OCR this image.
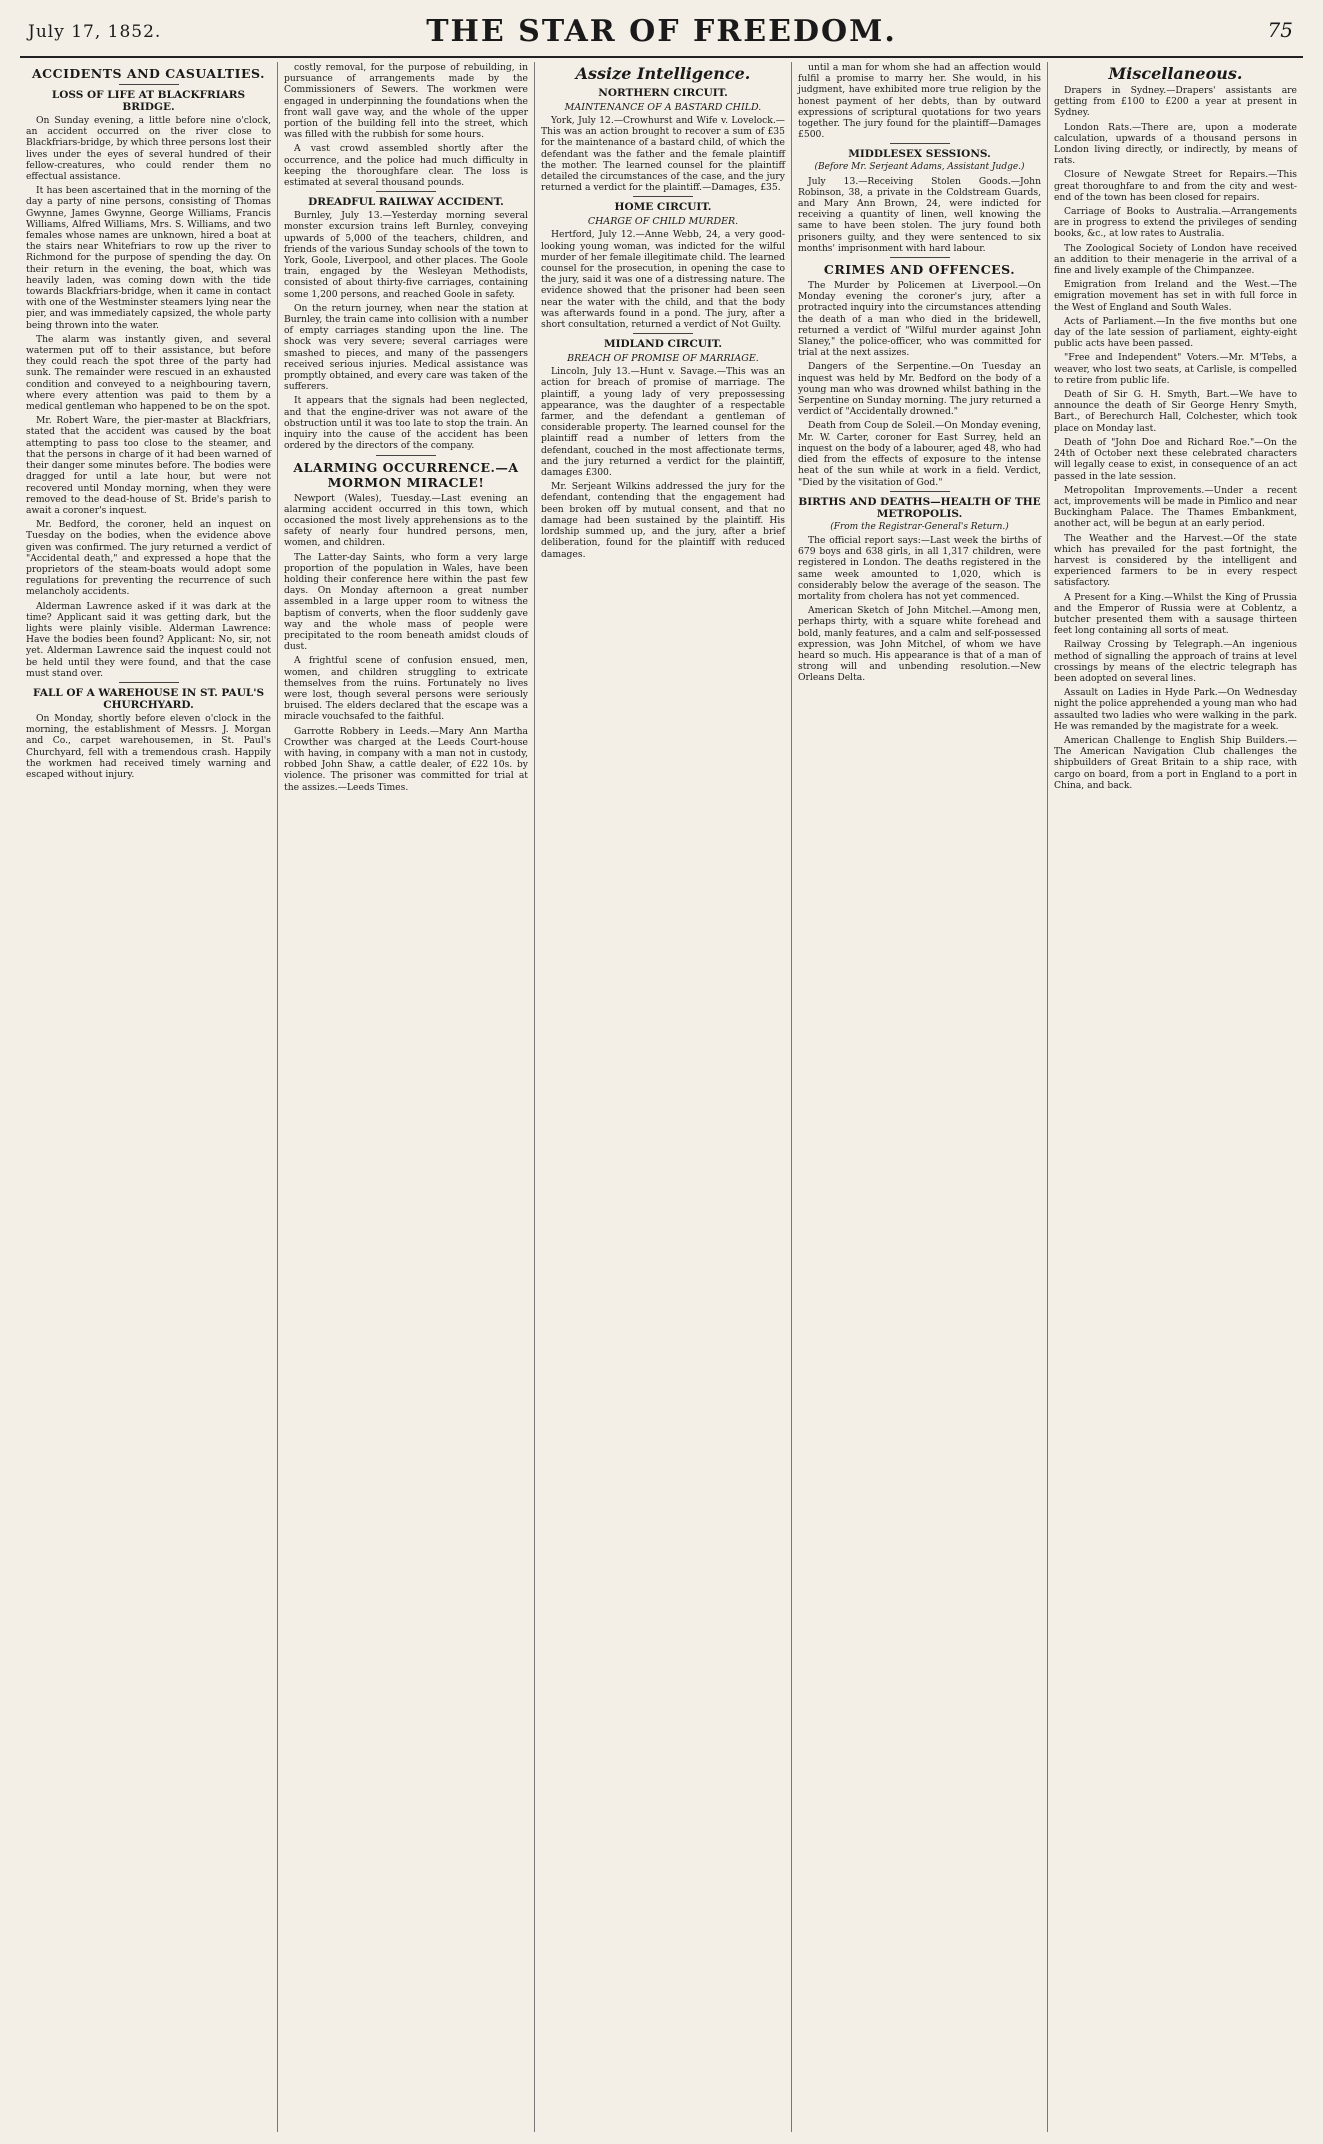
July 17, 1852.	THE STAR OF FREEDOM.	75
ACCIDENTS AND CASUALTIES.
LOSS OF LIFE AT BLACKFRIARS BRIDGE.

On Sunday evening, a little before nine o'clock, an accident occurred on the river close to Blackfriars-bridge, by which three persons lost their lives under the eyes of several hundred of their fellow-creatures, who could render them no effectual assistance.

It has been ascertained that in the morning of the day a party of nine persons, consisting of Thomas Gwynne, James Gwynne, George Williams, Francis Williams, Alfred Williams, Mrs. S. Williams, and two females whose names are unknown, hired a boat at the stairs near Whitefriars to row up the river to Richmond for the purpose of spending the day. On their return in the evening, the boat, which was heavily laden, was coming down with the tide towards Blackfriars-bridge, when it came in contact with one of the Westminster steamers lying near the pier, and was immediately capsized, the whole party being thrown into the water.

The alarm was instantly given, and several watermen put off to their assistance, but before they could reach the spot three of the party had sunk. The remainder were rescued in an exhausted condition and conveyed to a neighbouring tavern, where every attention was paid to them by a medical gentleman who happened to be on the spot.

Mr. Robert Ware, the pier-master at Blackfriars, stated that the accident was caused by the boat attempting to pass too close to the steamer, and that the persons in charge of it had been warned of their danger some minutes before. The bodies were dragged for until a late hour, but were not recovered until Monday morning, when they were removed to the dead-house of St. Bride's parish to await a coroner's inquest.

Mr. Bedford, the coroner, held an inquest on Tuesday on the bodies, when the evidence above given was confirmed. The jury returned a verdict of "Accidental death," and expressed a hope that the proprietors of the steam-boats would adopt some regulations for preventing the recurrence of such melancholy accidents.

Alderman Lawrence asked if it was dark at the time? Applicant said it was getting dark, but the lights were plainly visible. Alderman Lawrence: Have the bodies been found? Applicant: No, sir, not yet. Alderman Lawrence said the inquest could not be held until they were found, and that the case must stand over.

FALL OF A WAREHOUSE IN ST. PAUL'S CHURCHYARD.

On Monday, shortly before eleven o'clock in the morning, the establishment of Messrs. J. Morgan and Co., carpet warehousemen, in St. Paul's Churchyard, fell with a tremendous crash. Happily the workmen had received timely warning and escaped without injury.

costly removal, for the purpose of rebuilding, in pursuance of arrangements made by the Commissioners of Sewers. The workmen were engaged in underpinning the foundations when the front wall gave way, and the whole of the upper portion of the building fell into the street, which was filled with the rubbish for some hours.

A vast crowd assembled shortly after the occurrence, and the police had much difficulty in keeping the thoroughfare clear. The loss is estimated at several thousand pounds.

DREADFUL RAILWAY ACCIDENT.

Burnley, July 13.—Yesterday morning several monster excursion trains left Burnley, conveying upwards of 5,000 of the teachers, children, and friends of the various Sunday schools of the town to York, Goole, Liverpool, and other places. The Goole train, engaged by the Wesleyan Methodists, consisted of about thirty-five carriages, containing some 1,200 persons, and reached Goole in safety.

On the return journey, when near the station at Burnley, the train came into collision with a number of empty carriages standing upon the line. The shock was very severe; several carriages were smashed to pieces, and many of the passengers received serious injuries. Medical assistance was promptly obtained, and every care was taken of the sufferers.

It appears that the signals had been neglected, and that the engine-driver was not aware of the obstruction until it was too late to stop the train. An inquiry into the cause of the accident has been ordered by the directors of the company.

ALARMING OCCURRENCE.—A MORMON MIRACLE!

Newport (Wales), Tuesday.—Last evening an alarming accident occurred in this town, which occasioned the most lively apprehensions as to the safety of nearly four hundred persons, men, women, and children.

The Latter-day Saints, who form a very large proportion of the population in Wales, have been holding their conference here within the past few days. On Monday afternoon a great number assembled in a large upper room to witness the baptism of converts, when the floor suddenly gave way and the whole mass of people were precipitated to the room beneath amidst clouds of dust.

A frightful scene of confusion ensued, men, women, and children struggling to extricate themselves from the ruins. Fortunately no lives were lost, though several persons were seriously bruised. The elders declared that the escape was a miracle vouchsafed to the faithful.

Garrotte Robbery in Leeds.—Mary Ann Martha Crowther was charged at the Leeds Court-house with having, in company with a man not in custody, robbed John Shaw, a cattle dealer, of £22 10s. by violence. The prisoner was committed for trial at the assizes.—Leeds Times.

Assize Intelligence.
NORTHERN CIRCUIT.
MAINTENANCE OF A BASTARD CHILD.

York, July 12.—Crowhurst and Wife v. Lovelock.—This was an action brought to recover a sum of £35 for the maintenance of a bastard child, of which the defendant was the father and the female plaintiff the mother. The learned counsel for the plaintiff detailed the circumstances of the case, and the jury returned a verdict for the plaintiff.—Damages, £35.

HOME CIRCUIT.
CHARGE OF CHILD MURDER.

Hertford, July 12.—Anne Webb, 24, a very good-looking young woman, was indicted for the wilful murder of her female illegitimate child. The learned counsel for the prosecution, in opening the case to the jury, said it was one of a distressing nature. The evidence showed that the prisoner had been seen near the water with the child, and that the body was afterwards found in a pond. The jury, after a short consultation, returned a verdict of Not Guilty.

MIDLAND CIRCUIT.
BREACH OF PROMISE OF MARRIAGE.

Lincoln, July 13.—Hunt v. Savage.—This was an action for breach of promise of marriage. The plaintiff, a young lady of very prepossessing appearance, was the daughter of a respectable farmer, and the defendant a gentleman of considerable property. The learned counsel for the plaintiff read a number of letters from the defendant, couched in the most affectionate terms, and the jury returned a verdict for the plaintiff, damages £300.

Mr. Serjeant Wilkins addressed the jury for the defendant, contending that the engagement had been broken off by mutual consent, and that no damage had been sustained by the plaintiff. His lordship summed up, and the jury, after a brief deliberation, found for the plaintiff with reduced damages.

until a man for whom she had an affection would fulfil a promise to marry her. She would, in his judgment, have exhibited more true religion by the honest payment of her debts, than by outward expressions of scriptural quotations for two years together. The jury found for the plaintiff—Damages £500.

MIDDLESEX SESSIONS.

(Before Mr. Serjeant Adams, Assistant Judge.)

July 13.—Receiving Stolen Goods.—John Robinson, 38, a private in the Coldstream Guards, and Mary Ann Brown, 24, were indicted for receiving a quantity of linen, well knowing the same to have been stolen. The jury found both prisoners guilty, and they were sentenced to six months' imprisonment with hard labour.

CRIMES AND OFFENCES.

The Murder by Policemen at Liverpool.—On Monday evening the coroner's jury, after a protracted inquiry into the circumstances attending the death of a man who died in the bridewell, returned a verdict of "Wilful murder against John Slaney," the police-officer, who was committed for trial at the next assizes.

Dangers of the Serpentine.—On Tuesday an inquest was held by Mr. Bedford on the body of a young man who was drowned whilst bathing in the Serpentine on Sunday morning. The jury returned a verdict of "Accidentally drowned."

Death from Coup de Soleil.—On Monday evening, Mr. W. Carter, coroner for East Surrey, held an inquest on the body of a labourer, aged 48, who had died from the effects of exposure to the intense heat of the sun while at work in a field. Verdict, "Died by the visitation of God."

BIRTHS AND DEATHS—HEALTH OF THE METROPOLIS.

(From the Registrar-General's Return.)

The official report says:—Last week the births of 679 boys and 638 girls, in all 1,317 children, were registered in London. The deaths registered in the same week amounted to 1,020, which is considerably below the average of the season. The mortality from cholera has not yet commenced.

American Sketch of John Mitchel.—Among men, perhaps thirty, with a square white forehead and bold, manly features, and a calm and self-possessed expression, was John Mitchel, of whom we have heard so much. His appearance is that of a man of strong will and unbending resolution.—New Orleans Delta.

Miscellaneous.

Drapers in Sydney.—Drapers' assistants are getting from £100 to £200 a year at present in Sydney.

London Rats.—There are, upon a moderate calculation, upwards of a thousand persons in London living directly, or indirectly, by means of rats.

Closure of Newgate Street for Repairs.—This great thoroughfare to and from the city and west-end of the town has been closed for repairs.

Carriage of Books to Australia.—Arrangements are in progress to extend the privileges of sending books, &c., at low rates to Australia.

The Zoological Society of London have received an addition to their menagerie in the arrival of a fine and lively example of the Chimpanzee.

Emigration from Ireland and the West.—The emigration movement has set in with full force in the West of England and South Wales.

Acts of Parliament.—In the five months but one day of the late session of parliament, eighty-eight public acts have been passed.

"Free and Independent" Voters.—Mr. M'Tebs, a weaver, who lost two seats, at Carlisle, is compelled to retire from public life.

Death of Sir G. H. Smyth, Bart.—We have to announce the death of Sir George Henry Smyth, Bart., of Berechurch Hall, Colchester, which took place on Monday last.

Death of "John Doe and Richard Roe."—On the 24th of October next these celebrated characters will legally cease to exist, in consequence of an act passed in the late session.

Metropolitan Improvements.—Under a recent act, improvements will be made in Pimlico and near Buckingham Palace. The Thames Embankment, another act, will be begun at an early period.

The Weather and the Harvest.—Of the state which has prevailed for the past fortnight, the harvest is considered by the intelligent and experienced farmers to be in every respect satisfactory.

A Present for a King.—Whilst the King of Prussia and the Emperor of Russia were at Coblentz, a butcher presented them with a sausage thirteen feet long containing all sorts of meat.

Railway Crossing by Telegraph.—An ingenious method of signalling the approach of trains at level crossings by means of the electric telegraph has been adopted on several lines.

Assault on Ladies in Hyde Park.—On Wednesday night the police apprehended a young man who had assaulted two ladies who were walking in the park. He was remanded by the magistrate for a week.

American Challenge to English Ship Builders.—The American Navigation Club challenges the shipbuilders of Great Britain to a ship race, with cargo on board, from a port in England to a port in China, and back.
